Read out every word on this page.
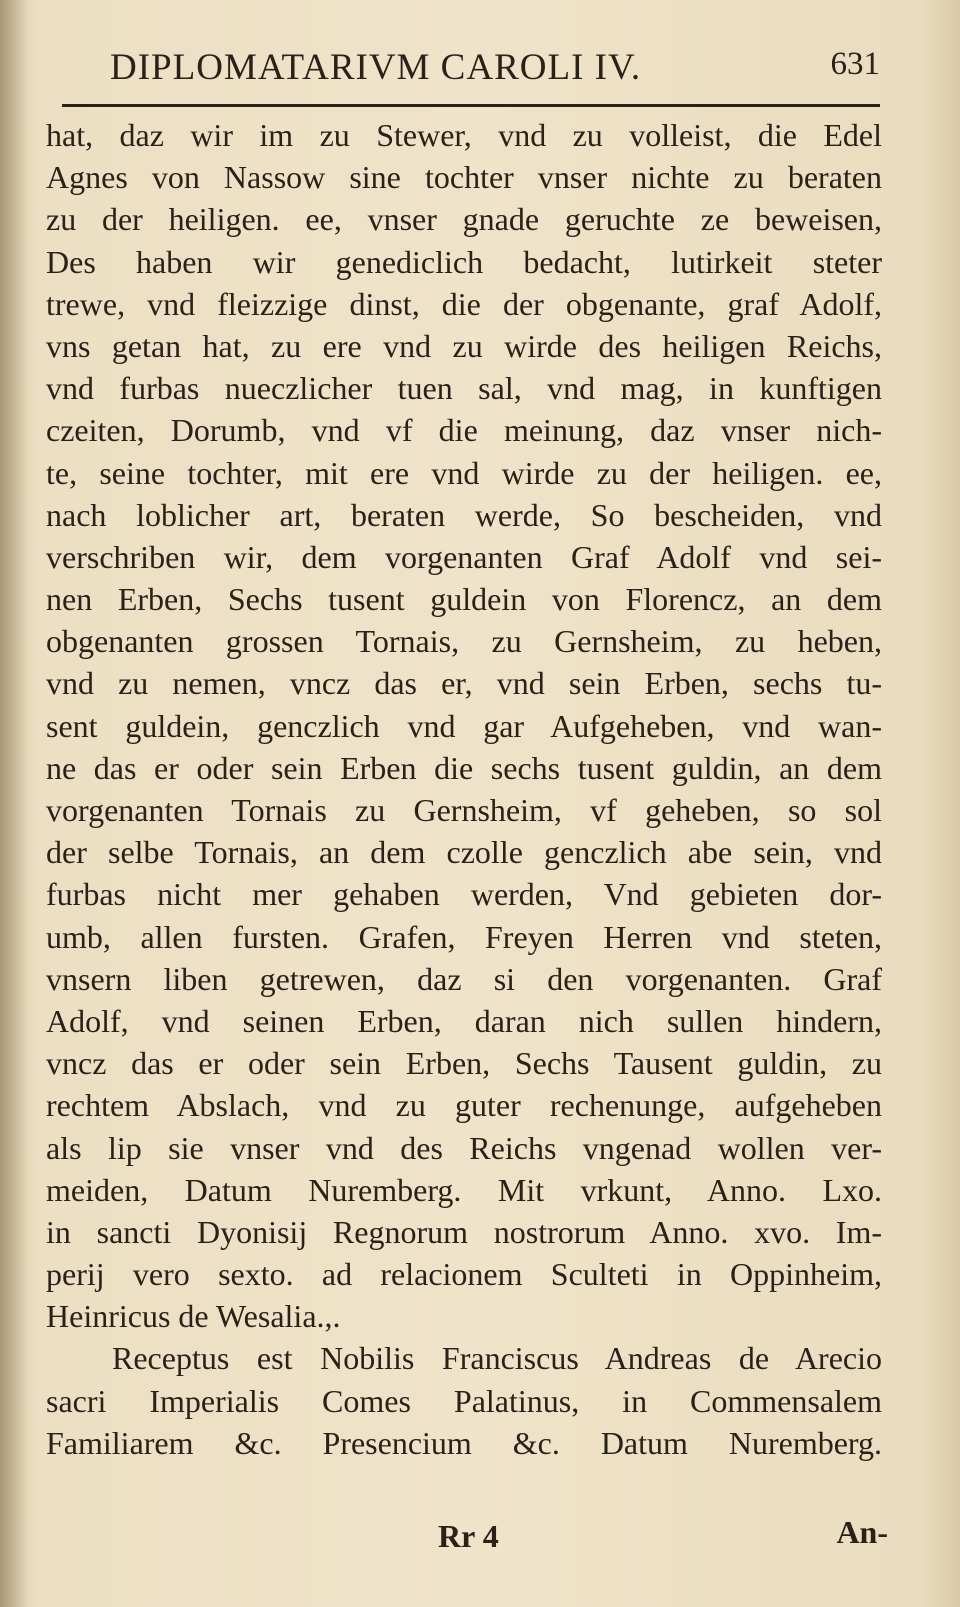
DIPLOMATARIVM CAROLI IV.	631
hat, daz wir im zu Stewer, vnd zu volleist, die Edel
Agnes von Nassow sine tochter vnser nichte zu beraten
zu der heiligen. ee, vnser gnade geruchte ze beweisen,
Des haben wir genediclich bedacht, lutirkeit steter
trewe, vnd fleizzige dinst, die der obgenante, graf Adolf,
vns getan hat, zu ere vnd zu wirde des heiligen Reichs,
vnd furbas nueczlicher tuen sal, vnd mag, in kunftigen
czeiten, Dorumb, vnd vf die meinung, daz vnser nich-
te, seine tochter, mit ere vnd wirde zu der heiligen. ee,
nach loblicher art, beraten werde, So bescheiden, vnd
verschriben wir, dem vorgenanten Graf Adolf vnd sei-
nen Erben, Sechs tusent guldein von Florencz, an dem
obgenanten grossen Tornais, zu Gernsheim, zu heben,
vnd zu nemen, vncz das er, vnd sein Erben, sechs tu-
sent guldein, genczlich vnd gar Aufgeheben, vnd wan-
ne das er oder sein Erben die sechs tusent guldin, an dem
vorgenanten Tornais zu Gernsheim, vf geheben, so sol
der selbe Tornais, an dem czolle genczlich abe sein, vnd
furbas nicht mer gehaben werden, Vnd gebieten dor-
umb, allen fursten. Grafen, Freyen Herren vnd steten,
vnsern liben getrewen, daz si den vorgenanten. Graf
Adolf, vnd seinen Erben, daran nich sullen hindern,
vncz das er oder sein Erben, Sechs Tausent guldin, zu
rechtem Abslach, vnd zu guter rechenunge, aufgeheben
als lip sie vnser vnd des Reichs vngenad wollen ver-
meiden, Datum Nuremberg. Mit vrkunt, Anno. Lxo.
in sancti Dyonisij Regnorum nostrorum Anno. xvo. Im-
perij vero sexto. ad relacionem Sculteti in Oppinheim,
Heinricus de Wesalia.,.
Receptus est Nobilis Franciscus Andreas de Arecio
sacri Imperialis Comes Palatinus, in Commensalem
Familiarem &c. Presencium &c. Datum Nuremberg.
Rr 4	An-
